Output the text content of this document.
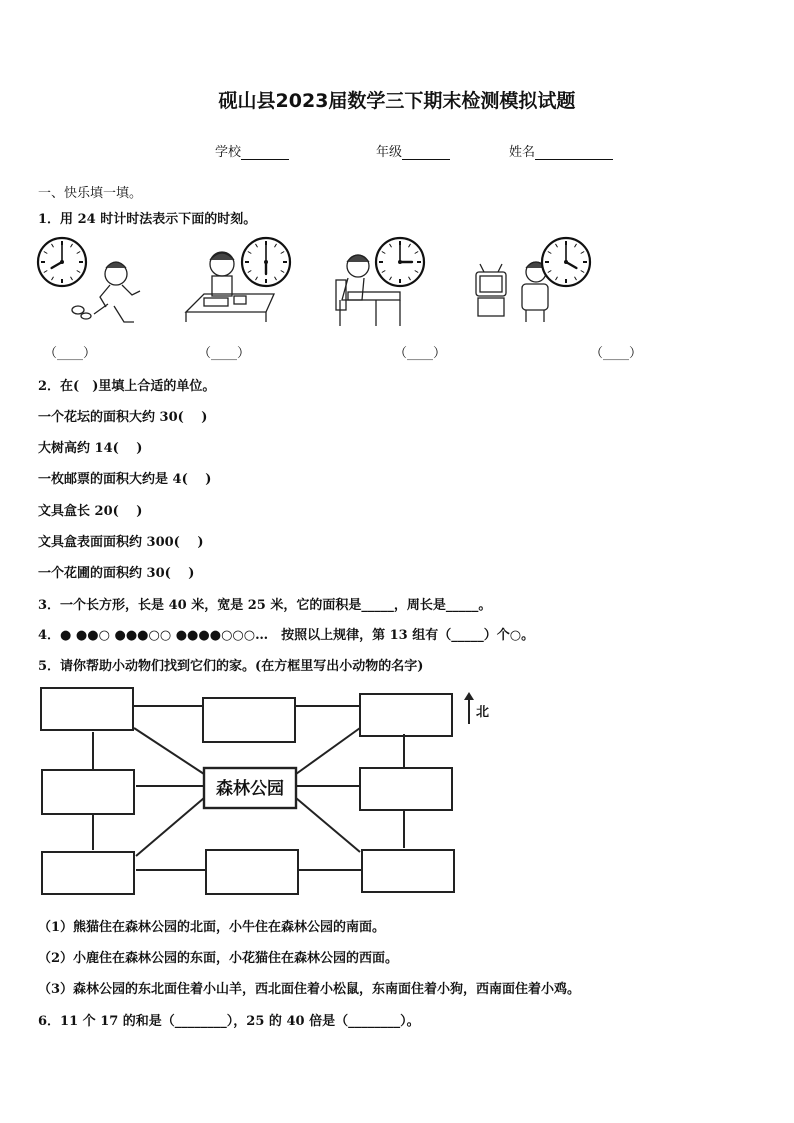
砚山县2023届数学三下期末检测模拟试题
学校	年级	姓名
一、快乐填一填。
1．用 24 时计时法表示下面的时刻。
（____）	（____）	（____）	（____）
2．在(　)里填上合适的单位。
一个花坛的面积大约 30(　 )
大树高约 14(　 )
一枚邮票的面积大约是 4(　 )
文具盒长 20(　 )
文具盒表面面积约 300(　 )
一个花圃的面积约 30(　 )
3．一个长方形，长是 40 米，宽是 25 米，它的面积是_____，周长是_____。
4．● ●●○ ●●●○○ ●●●●○○○…　按照以上规律，第 13 组有（_____）个○。
5．请你帮助小动物们找到它们的家。(在方框里写出小动物的名字)
森林公园
北
（1）熊猫住在森林公园的北面，小牛住在森林公园的南面。
（2）小鹿住在森林公园的东面，小花猫住在森林公园的西面。
（3）森林公园的东北面住着小山羊，西北面住着小松鼠，东南面住着小狗，西南面住着小鸡。
6．11 个 17 的和是（________），25 的 40 倍是（________）。
